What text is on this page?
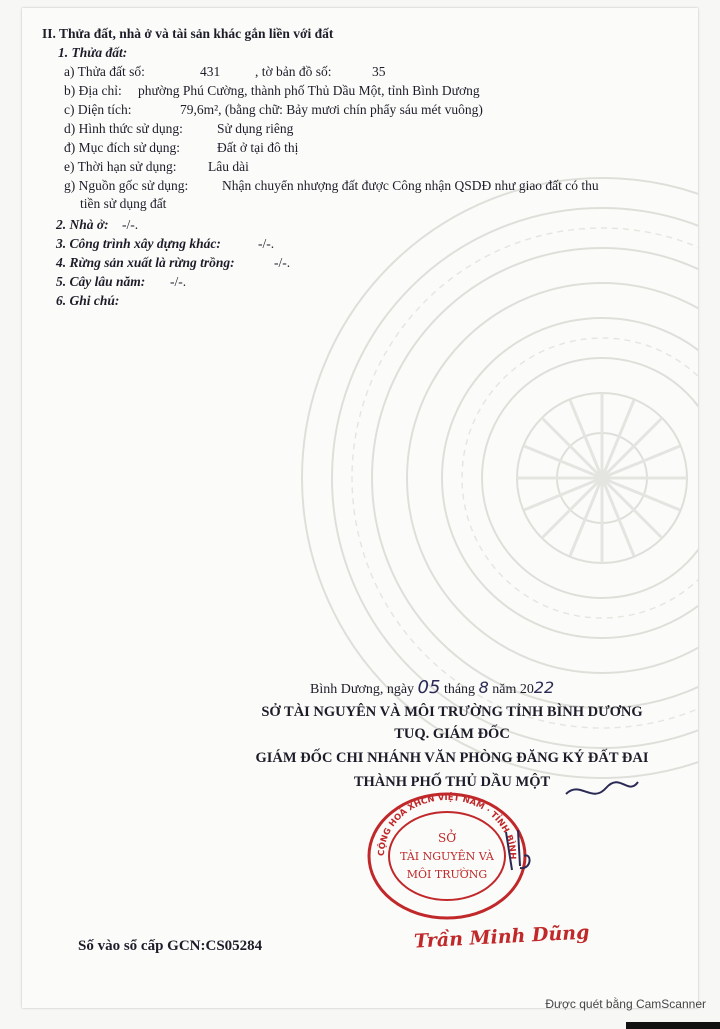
II. Thửa đất, nhà ở và tài sản khác gắn liền với đất
1. Thửa đất:
a) Thửa đất số:	431	, tờ bản đồ số:	35
b) Địa chỉ: phường Phú Cường, thành phố Thủ Dầu Một, tỉnh Bình Dương
c) Diện tích:	79,6m², (bằng chữ: Bảy mươi chín phẩy sáu mét vuông)
d) Hình thức sử dụng:	Sử dụng riêng
đ) Mục đích sử dụng:	Đất ở tại đô thị
e) Thời hạn sử dụng: Lâu dài
g) Nguồn gốc sử dụng: Nhận chuyển nhượng đất được Công nhận QSDĐ như giao đất có thu
tiền sử dụng đất
2. Nhà ở: -/-.
3. Công trình xây dựng khác:	-/-.
4. Rừng sản xuất là rừng trồng:	-/-.
5. Cây lâu năm: -/-.
6. Ghi chú:
Bình Dương, ngày 05 tháng 8 năm 2022
SỞ TÀI NGUYÊN VÀ MÔI TRƯỜNG TỈNH BÌNH DƯƠNG
TUQ. GIÁM ĐỐC
GIÁM ĐỐC CHI NHÁNH VĂN PHÒNG ĐĂNG KÝ ĐẤT ĐAI
THÀNH PHỐ THỦ DẦU MỘT
CỘNG HOÀ XHCN VIỆT NAM · TỈNH BÌNH
SỞ
TÀI NGUYÊN VÀ
MÔI TRƯỜNG
Số vào sổ cấp GCN:CS05284	Trần Minh Dũng
Được quét bằng CamScanner
